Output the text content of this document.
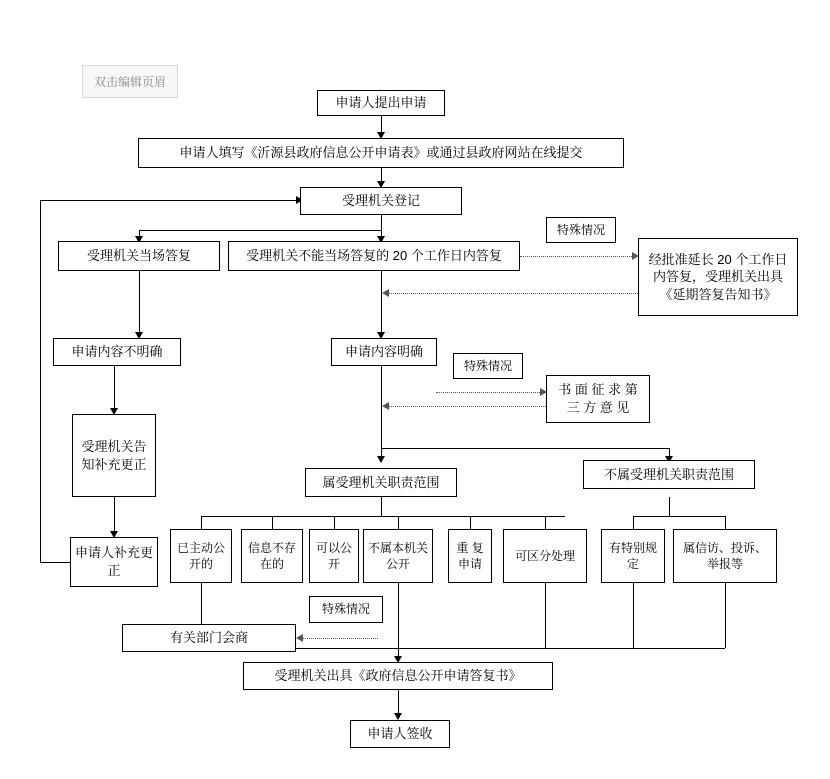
双击编辑页眉
申请人提出申请
申请人填写《沂源县政府信息公开申请表》或通过县政府网站在线提交
受理机关登记
受理机关当场答复	受理机关不能当场答复的 20 个工作日内答复
特殊情况
经批准延长 20 个工作日内答复，受理机关出具《延期答复告知书》
申请内容不明确	申请内容明确
特殊情况
书 面 征 求 第 三 方 意 见
受理机关告知补充更正
申请人补充更正
属受理机关职责范围
不属受理机关职责范围
已主动公开的
信息不存在的
可以公开
不属本机关公开
重 复申请
可区分处理
有特别规定
属信访、投诉、举报等
特殊情况
有关部门会商
受理机关出具《政府信息公开申请答复书》
申请人签收
